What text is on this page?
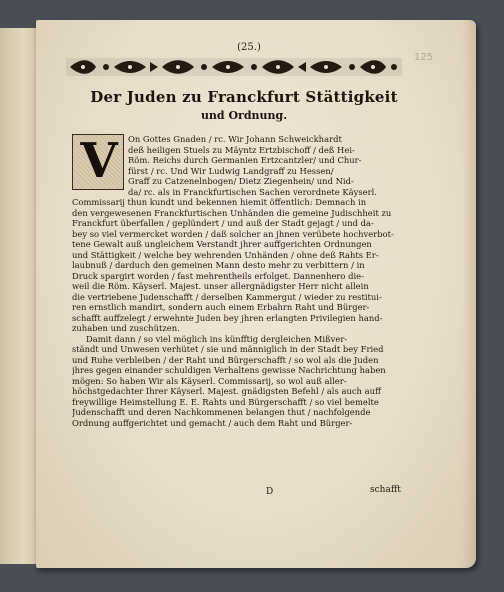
(25.)
125
Der Juden zu Franckfurt Stättigkeit
und Ordnung.
On Gottes Gnaden / rc. Wir Johann Schweickhardt
deß heiligen Stuels zu Mäyntz Ertzbischoff / deß Hei-
Röm. Reichs durch Germanien Ertzcantzler/ und Chur-
fürst / rc. Und Wir Ludwig Landgraff zu Hessen/
Graff zu Catzenelnbogen/ Dietz Ziegenhein/ und Nid-
da/ rc. als in Franckfurtischen Sachen verordnete Käyserl.
Commissarij thun kundt und bekennen hiemit öffentlich: Demnach in
den vergewesenen Franckfurtischen Unhänden die gemeine Judischheit zu
Franckfurt überfallen / geplündert / und auß der Stadt gejagt / und da-
bey so viel vermercket worden / daß solcher an jhnen verübete hochverbot-
tene Gewalt auß ungleichem Verstandt jhrer auffgerichten Ordnungen
und Stättigkeit / welche bey wehrenden Unhänden / ohne deß Rahts Er-
laubnuß / darduch den gemeinen Mann desto mehr zu verbittern / in
Druck spargirt worden / fast mehrentheils erfolget. Dannenhero die-
weil die Röm. Käyserl. Majest. unser allergnädigster Herr nicht allein
die vertriebene Judenschafft / derselben Kammergut / wieder zu restitui-
ren ernstlich mandirt, sondern auch einem Erbahrn Raht und Bürger-
schafft auffzelegt / erwehnte Juden bey jhren erlangten Privilegien hand-
zuhaben und zuschützen.
Damit dann / so viel möglich ins künfftig dergleichen Mißver-
ständt und Unwesen verhütet / sie und männiglich in der Stadt bey Fried
und Ruhe verbleiben / der Raht und Bürgerschafft / so wol als die Juden
jhres gegen einander schuldigen Verhaltens gewisse Nachrichtung haben
mögen: So haben Wir als Käyserl. Commissarij, so wol auß aller-
höchstgedachter Ihrer Käyserl. Majest. gnädigsten Befehl / als auch auff
freywillige Heimstellung E. E. Rahts und Bürgerschafft / so viel bemelte
Judenschafft und deren Nachkommenen belangen thut / nachfolgende
Ordnung auffgerichtet und gemacht / auch dem Raht und Bürger-
V
D	schafft
